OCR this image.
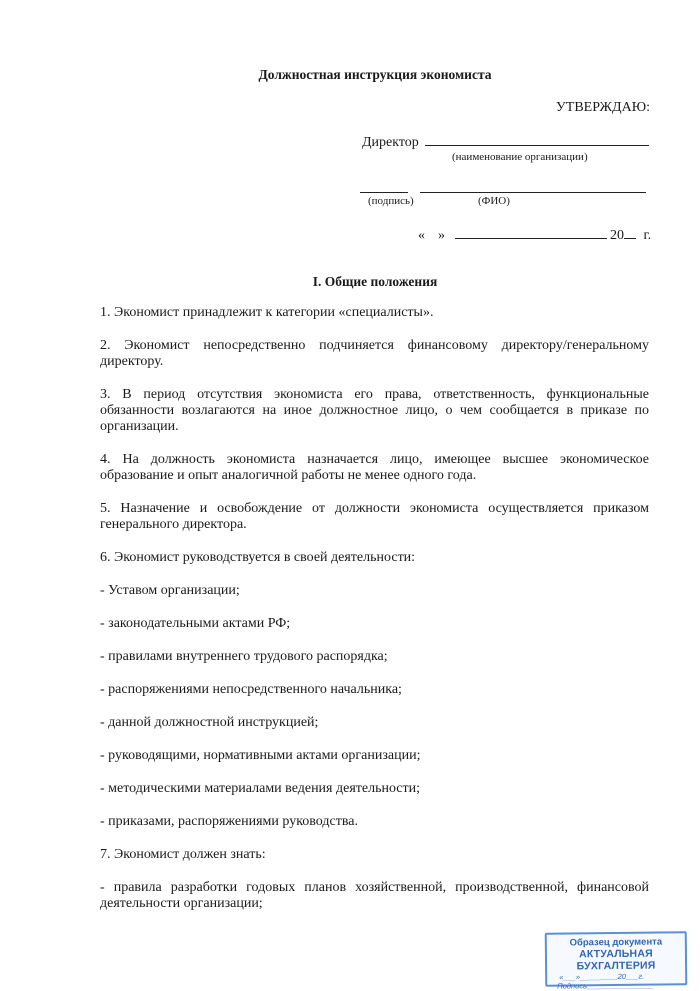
Должностная инструкция экономиста
УТВЕРЖДАЮ:
Директор
(наименование организации)
(подпись)	(ФИО)
« »	20 г.
I. Общие положения

1. Экономист принадлежит к категории «специалисты».

2. Экономист непосредственно подчиняется финансовому директору/генеральному директору.

3. В период отсутствия экономиста его права, ответственность, функциональные обязанности возлагаются на иное должностное лицо, о чем сообщается в приказе по организации.

4. На должность экономиста назначается лицо, имеющее высшее экономическое образование и опыт аналогичной работы не менее одного года.

5. Назначение и освобождение от должности экономиста осуществляется приказом генерального директора.

6. Экономист руководствуется в своей деятельности:

- Уставом организации;

- законодательными актами РФ;

- правилами внутреннего трудового распорядка;

- распоряжениями непосредственного начальника;

- данной должностной инструкцией;

- руководящими, нормативными актами организации;

- методическими материалами ведения деятельности;

- приказами, распоряжениями руководства.

7. Экономист должен знать:

- правила разработки годовых планов хозяйственной, производственной, финансовой деятельности организации;

Образец документа
АКТУАЛЬНАЯ БУХГАЛТЕРИЯ
«___»_________20___г.
Подпись________________
